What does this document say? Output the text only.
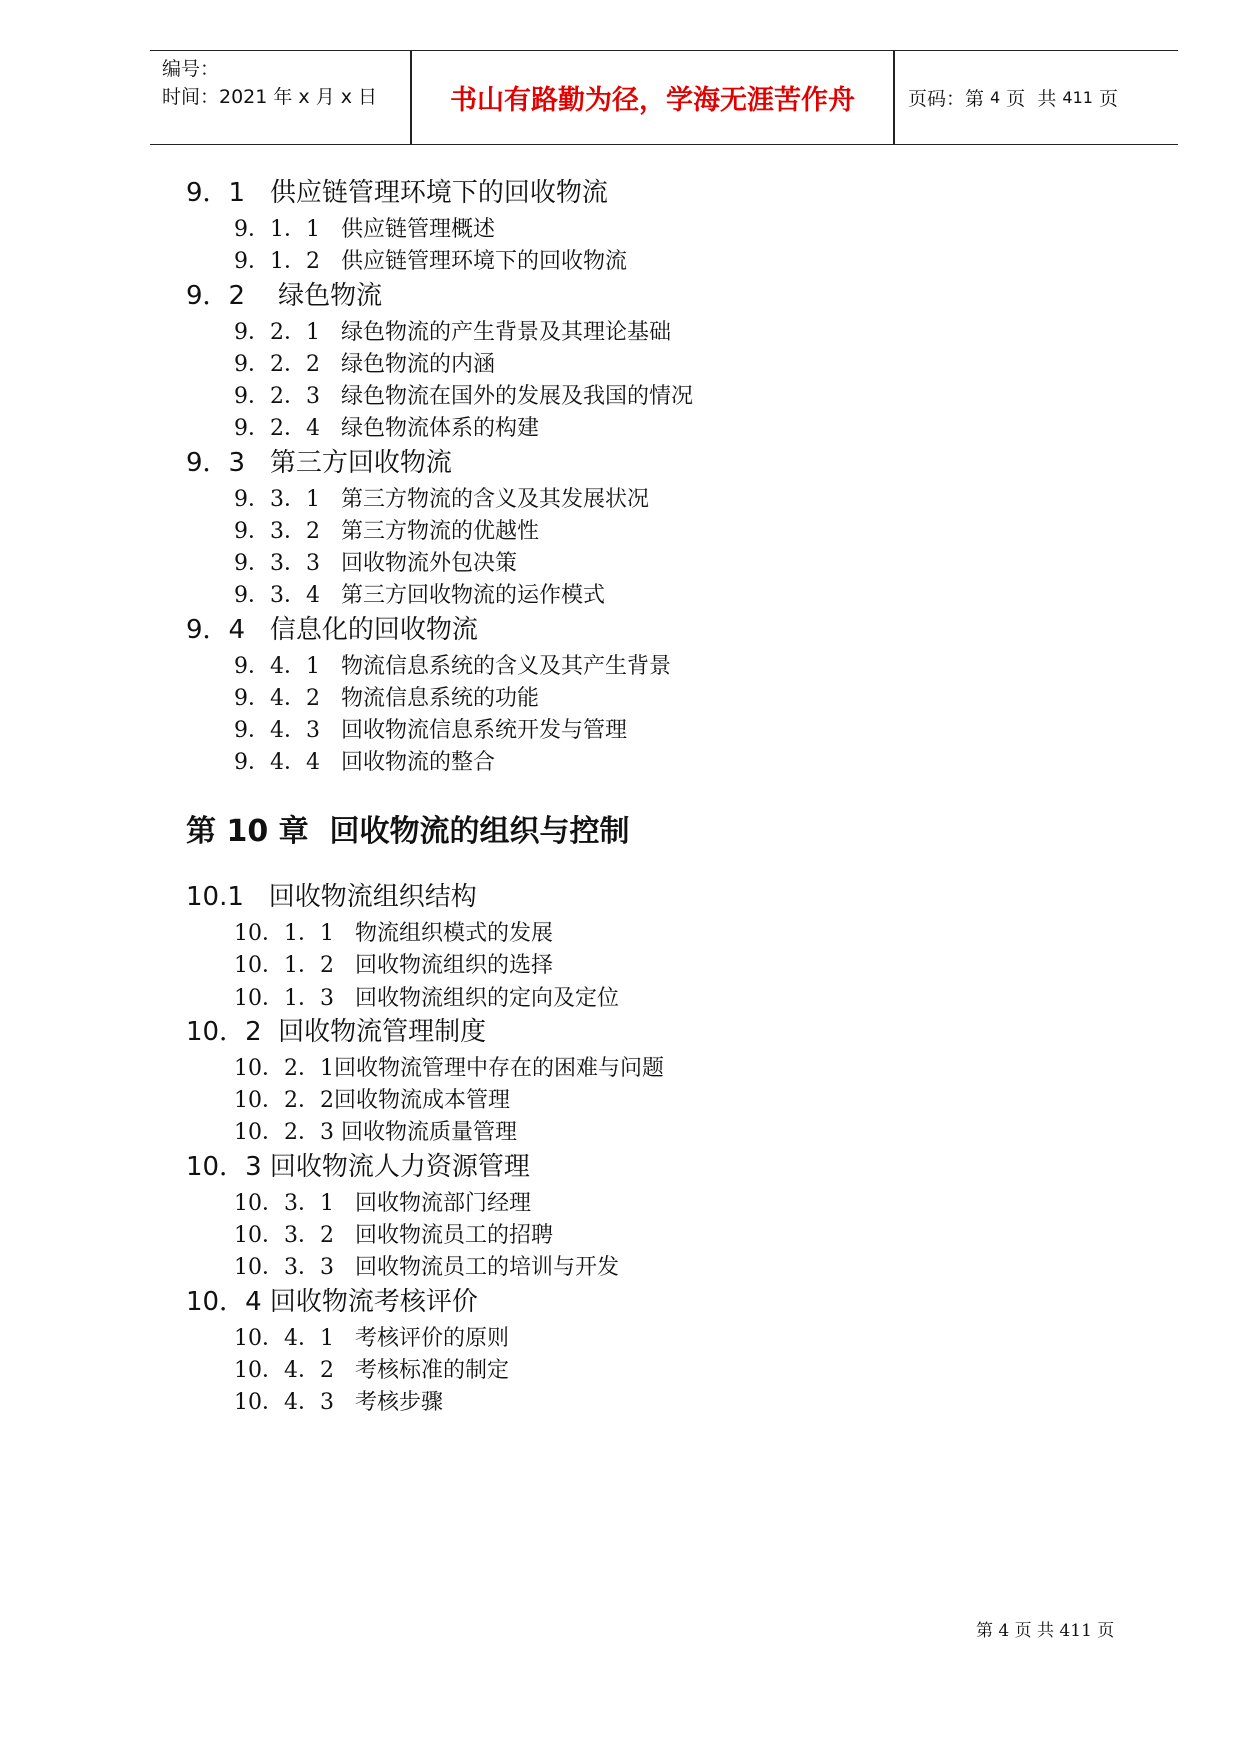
编号：
时间：2021 年 x 月 x 日	书山有路勤为径，学海无涯苦作舟	页码：第 4 页  共 411 页
9．1 供应链管理环境下的回收物流
9．1．1 供应链管理概述
9．1．2 供应链管理环境下的回收物流
9．2 绿色物流
9．2．1 绿色物流的产生背景及其理论基础
9．2．2 绿色物流的内涵
9．2．3 绿色物流在国外的发展及我国的情况
9．2．4 绿色物流体系的构建
9．3 第三方回收物流
9．3．1 第三方物流的含义及其发展状况
9．3．2 第三方物流的优越性
9．3．3 回收物流外包决策
9．3．4 第三方回收物流的运作模式
9．4 信息化的回收物流
9．4．1 物流信息系统的含义及其产生背景
9．4．2 物流信息系统的功能
9．4．3 回收物流信息系统开发与管理
9．4．4 回收物流的整合
第 10 章  回收物流的组织与控制
10.1 回收物流组织结构
10．1．1 物流组织模式的发展
10．1．2 回收物流组织的选择
10．1．3 回收物流组织的定向及定位
10．2 回收物流管理制度
10．2．1回收物流管理中存在的困难与问题
10．2．2回收物流成本管理
10．2．3 回收物流质量管理
10．3 回收物流人力资源管理
10．3．1 回收物流部门经理
10．3．2 回收物流员工的招聘
10．3．3 回收物流员工的培训与开发
10．4 回收物流考核评价
10．4．1 考核评价的原则
10．4．2 考核标准的制定
10．4．3 考核步骤
第 4 页 共 411 页
